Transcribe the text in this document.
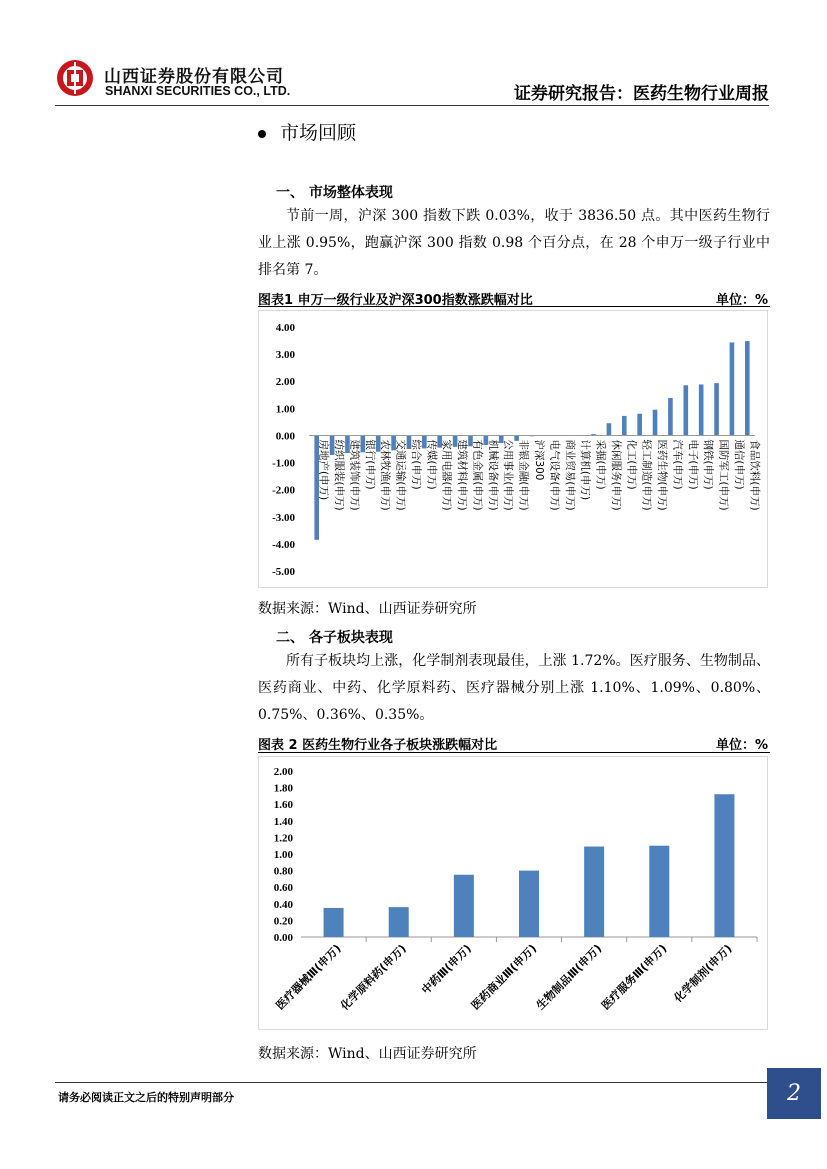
山西证券股份有限公司
SHANXI SECURITIES CO., LTD.	证券研究报告：医药生物行业周报
市场回顾
一、 市场整体表现

节前一周，沪深 300 指数下跌 0.03%，收于 3836.50 点。其中医药生物行业上涨 0.95%，跑赢沪深 300 指数 0.98 个百分点，在 28 个申万一级子行业中排名第 7。

图表1 申万一级行业及沪深300指数涨跌幅对比	单位：%
4.00
3.00
2.00
1.00
0.00
-1.00
-2.00
-3.00
-4.00
-5.00
房地产(申万) 纺织服装(申万) 建筑装饰(申万) 银行(申万) 农林牧渔(申万) 交通运输(申万) 综合(申万) 传媒(申万) 家用电器(申万) 建筑材料(申万) 有色金属(申万) 机械设备(申万) 公用事业(申万) 非银金融(申万) 沪深300 电气设备(申万) 商业贸易(申万) 计算机(申万) 采掘(申万) 休闲服务(申万) 化工(申万) 轻工制造(申万) 医药生物(申万) 汽车(申万) 电子(申万) 钢铁(申万) 国防军工(申万) 通信(申万) 食品饮料(申万)
数据来源：Wind、山西证券研究所
二、 各子板块表现

所有子板块均上涨，化学制剂表现最佳，上涨 1.72%。医疗服务、生物制品、医药商业、中药、化学原料药、医疗器械分别上涨 1.10%、1.09%、0.80%、0.75%、0.36%、0.35%。

图表 2 医药生物行业各子板块涨跌幅对比	单位：%
2.00
1.80
1.60
1.40
1.20
1.00
0.80
0.60
0.40
0.20
0.00
医疗器械Ⅲ(申万)
化学原料药(申万) 中药Ⅲ(申万)
医药商业Ⅲ(申万)
生物制品Ⅲ(申万)
医疗服务Ⅲ(申万) 化学制剂(申万)
数据来源：Wind、山西证券研究所
请务必阅读正文之后的特别声明部分	2
